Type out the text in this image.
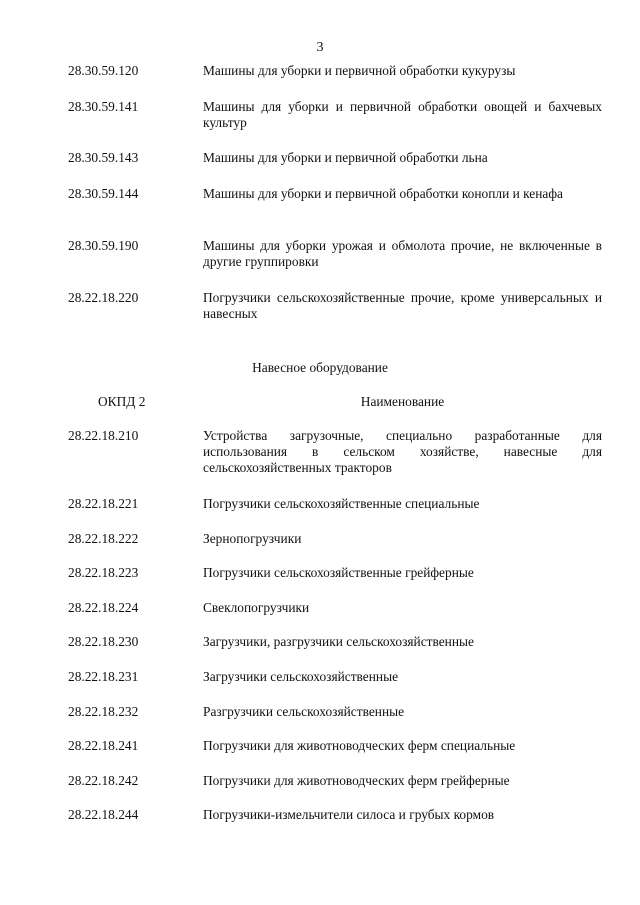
3
28.30.59.120	Машины для уборки и первичной обработки кукурузы
28.30.59.141	Машины для уборки и первичной обработки овощей и бахчевых культур
28.30.59.143	Машины для уборки и первичной обработки льна
28.30.59.144	Машины для уборки и первичной обработки конопли и кенафа
28.30.59.190	Машины для уборки урожая и обмолота прочие, не включенные в другие группировки
28.22.18.220	Погрузчики сельскохозяйственные прочие, кроме универсальных и навесных
Навесное оборудование
ОКПД 2	Наименование
28.22.18.210	Устройства загрузочные, специально разработанные для использования в сельском хозяйстве, навесные для сельскохозяйственных тракторов
28.22.18.221	Погрузчики сельскохозяйственные специальные
28.22.18.222	Зернопогрузчики
28.22.18.223	Погрузчики сельскохозяйственные грейферные
28.22.18.224	Свеклопогрузчики
28.22.18.230	Загрузчики, разгрузчики сельскохозяйственные
28.22.18.231	Загрузчики сельскохозяйственные
28.22.18.232	Разгрузчики сельскохозяйственные
28.22.18.241	Погрузчики для животноводческих ферм специальные
28.22.18.242	Погрузчики для животноводческих ферм грейферные
28.22.18.244	Погрузчики-измельчители силоса и грубых кормов
